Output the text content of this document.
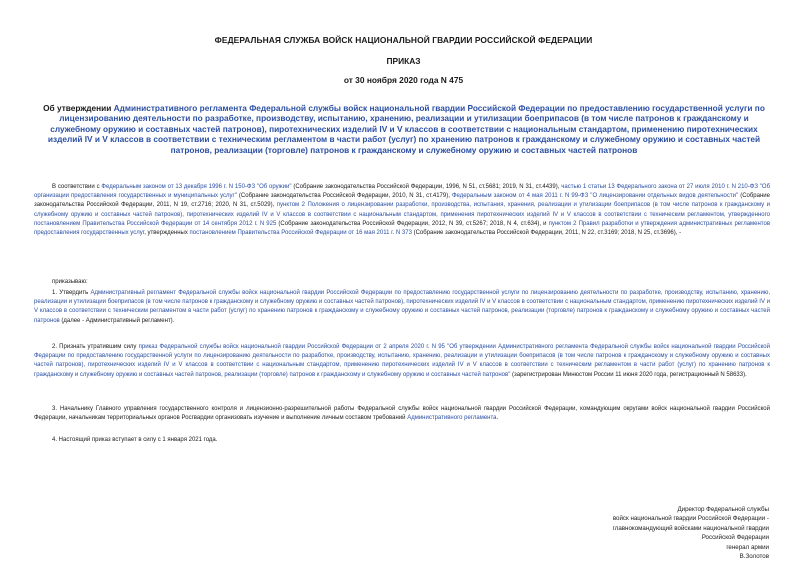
ФЕДЕРАЛЬНАЯ СЛУЖБА ВОЙСК НАЦИОНАЛЬНОЙ ГВАРДИИ РОССИЙСКОЙ ФЕДЕРАЦИИ
ПРИКАЗ
от 30 ноября 2020 года N 475
Об утверждении Административного регламента Федеральной службы войск национальной гвардии Российской Федерации по предоставлению государственной услуги по лицензированию деятельности по разработке, производству, испытанию, хранению, реализации и утилизации боеприпасов (в том числе патронов к гражданскому и служебному оружию и составных частей патронов), пиротехнических изделий IV и V классов в соответствии с национальным стандартом, применению пиротехнических изделий IV и V классов в соответствии с техническим регламентом в части работ (услуг) по хранению патронов к гражданскому и служебному оружию и составных частей патронов, реализации (торговле) патронов к гражданскому и служебному оружию и составных частей патронов
В соответствии с Федеральным законом от 13 декабря 1996 г. N 150-ФЗ "Об оружии" (Собрание законодательства Российской Федерации, 1996, N 51, ст.5681; 2019, N 31, ст.4439), частью 1 статьи 13 Федерального закона от 27 июля 2010 г. N 210-ФЗ "Об организации предоставления государственных и муниципальных услуг" (Собрание законодательства Российской Федерации, 2010, N 31, ст.4179), Федеральным законом от 4 мая 2011 г. N 99-ФЗ "О лицензировании отдельных видов деятельности" (Собрание законодательства Российской Федерации, 2011, N 19, ст.2716; 2020, N 31, ст.5029), пунктом 2 Положения о лицензировании разработки, производства, испытания, хранения, реализации и утилизации боеприпасов (в том числе патронов к гражданскому и служебному оружию и составных частей патронов), пиротехнических изделий IV и V классов в соответствии с национальным стандартом, применения пиротехнических изделий IV и V классов в соответствии с техническим регламентом, утвержденного постановлением Правительства Российской Федерации от 14 сентября 2012 г. N 925 (Собрание законодательства Российской Федерации, 2012, N 39, ст.5267; 2018, N 4, ст.634), и пунктом 2 Правил разработки и утверждения административных регламентов предоставления государственных услуг, утвержденных постановлением Правительства Российской Федерации от 16 мая 2011 г. N 373 (Собрание законодательства Российской Федерации, 2011, N 22, ст.3169; 2018, N 25, ст.3696), -
приказываю:
1. Утвердить Административный регламент Федеральной службы войск национальной гвардии Российской Федерации по предоставлению государственной услуги по лицензированию деятельности по разработке, производству, испытанию, хранению, реализации и утилизации боеприпасов (в том числе патронов к гражданскому и служебному оружию и составных частей патронов), пиротехнических изделий IV и V классов в соответствии с национальным стандартом, применению пиротехнических изделий IV и V классов в соответствии с техническим регламентом в части работ (услуг) по хранению патронов к гражданскому и служебному оружию и составных частей патронов, реализации (торговле) патронов к гражданскому и служебному оружию и составных частей патронов (далее - Административный регламент).
2. Признать утратившим силу приказ Федеральной службы войск национальной гвардии Российской Федерации от 2 апреля 2020 г. N 95 "Об утверждении Административного регламента Федеральной службы войск национальной гвардии Российской Федерации по предоставлению государственной услуги по лицензированию деятельности по разработке, производству, испытанию, хранению, реализации и утилизации боеприпасов (в том числе патронов к гражданскому и служебному оружию и составных частей патронов), пиротехнических изделий IV и V классов в соответствии с национальным стандартом, применению пиротехнических изделий IV и V классов в соответствии с техническим регламентом в части работ (услуг) по хранению патронов к гражданскому и служебному оружию и составных частей патронов, реализации (торговле) патронов к гражданскому и служебному оружию и составных частей патронов" (зарегистрирован Минюстом России 11 июня 2020 года, регистрационный N 58633).
3. Начальнику Главного управления государственного контроля и лицензионно-разрешительной работы Федеральной службы войск национальной гвардии Российской Федерации, командующим округами войск национальной гвардии Российской Федерации, начальникам территориальных органов Росгвардии организовать изучение и выполнение личным составом требований Административного регламента.
4. Настоящий приказ вступает в силу с 1 января 2021 года.
Директор Федеральной службы
войск национальной гвардии Российской Федерации -
главнокомандующий войсками национальной гвардии
Российской Федерации
генерал армии
В.Золотов
